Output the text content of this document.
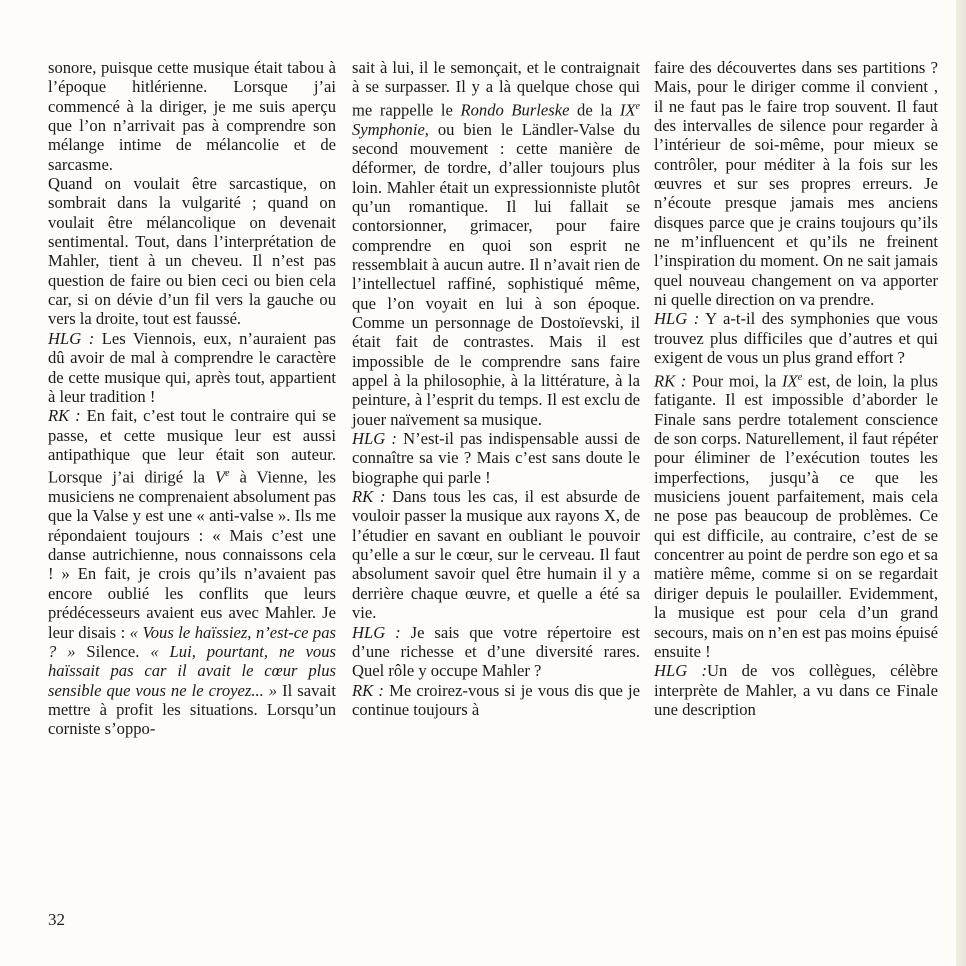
sonore, puisque cette musique était tabou à l’époque hitlérienne. Lorsque j’ai commencé à la diriger, je me suis aperçu que l’on n’arrivait pas à comprendre son mélange intime de mélancolie et de sarcasme.

Quand on voulait être sarcastique, on sombrait dans la vulgarité ; quand on voulait être mélancolique on devenait sentimental. Tout, dans l’interprétation de Mahler, tient à un cheveu. Il n’est pas question de faire ou bien ceci ou bien cela car, si on dévie d’un fil vers la gauche ou vers la droite, tout est faussé.

HLG : Les Viennois, eux, n’auraient pas dû avoir de mal à comprendre le caractère de cette musique qui, après tout, appartient à leur tradition !

RK : En fait, c’est tout le contraire qui se passe, et cette musique leur est aussi antipathique que leur était son auteur. Lorsque j’ai dirigé la Ve à Vienne, les musiciens ne comprenaient absolument pas que la Valse y est une « anti-valse ». Ils me répondaient toujours : « Mais c’est une danse autrichienne, nous connaissons cela ! » En fait, je crois qu’ils n’avaient pas encore oublié les conflits que leurs prédécesseurs avaient eus avec Mahler. Je leur disais : « Vous le haïssiez, n’est-ce pas ? » Silence. « Lui, pourtant, ne vous haïssait pas car il avait le cœur plus sensible que vous ne le croyez... » Il savait mettre à profit les situations. Lorsqu’un corniste s’oppo-

sait à lui, il le semonçait, et le contraignait à se surpasser. Il y a là quelque chose qui me rappelle le Rondo Burleske de la IXe Symphonie, ou bien le Ländler-Valse du second mouvement : cette manière de déformer, de tordre, d’aller toujours plus loin. Mahler était un expressionniste plutôt qu’un romantique. Il lui fallait se contorsionner, grimacer, pour faire comprendre en quoi son esprit ne ressemblait à aucun autre. Il n’avait rien de l’intellectuel raffiné, sophistiqué même, que l’on voyait en lui à son époque. Comme un personnage de Dostoïevski, il était fait de contrastes. Mais il est impossible de le comprendre sans faire appel à la philosophie, à la littérature, à la peinture, à l’esprit du temps. Il est exclu de jouer naïvement sa musique.

HLG : N’est-il pas indispensable aussi de connaître sa vie ? Mais c’est sans doute le biographe qui parle !

RK : Dans tous les cas, il est absurde de vouloir passer la musique aux rayons X, de l’étudier en savant en oubliant le pouvoir qu’elle a sur le cœur, sur le cerveau. Il faut absolument savoir quel être humain il y a derrière chaque œuvre, et quelle a été sa vie.

HLG : Je sais que votre répertoire est d’une richesse et d’une diversité rares. Quel rôle y occupe Mahler ?

RK : Me croirez-vous si je vous dis que je continue toujours à

faire des découvertes dans ses partitions ? Mais, pour le diriger comme il convient , il ne faut pas le faire trop souvent. Il faut des intervalles de silence pour regarder à l’intérieur de soi-même, pour mieux se contrôler, pour méditer à la fois sur les œuvres et sur ses propres erreurs. Je n’écoute presque jamais mes anciens disques parce que je crains toujours qu’ils ne m’influencent et qu’ils ne freinent l’inspiration du moment. On ne sait jamais quel nouveau changement on va apporter ni quelle direction on va prendre.

HLG : Y a-t-il des symphonies que vous trouvez plus difficiles que d’autres et qui exigent de vous un plus grand effort ?

RK : Pour moi, la IXe est, de loin, la plus fatigante. Il est impossible d’aborder le Finale sans perdre totalement conscience de son corps. Naturellement, il faut répéter pour éliminer de l’exécution toutes les imperfections, jusqu’à ce que les musiciens jouent parfaitement, mais cela ne pose pas beaucoup de problèmes. Ce qui est difficile, au contraire, c’est de se concentrer au point de perdre son ego et sa matière même, comme si on se regardait diriger depuis le poulailler. Evidemment, la musique est pour cela d’un grand secours, mais on n’en est pas moins épuisé ensuite !

HLG :Un de vos collègues, célèbre interprète de Mahler, a vu dans ce Finale une description

32
